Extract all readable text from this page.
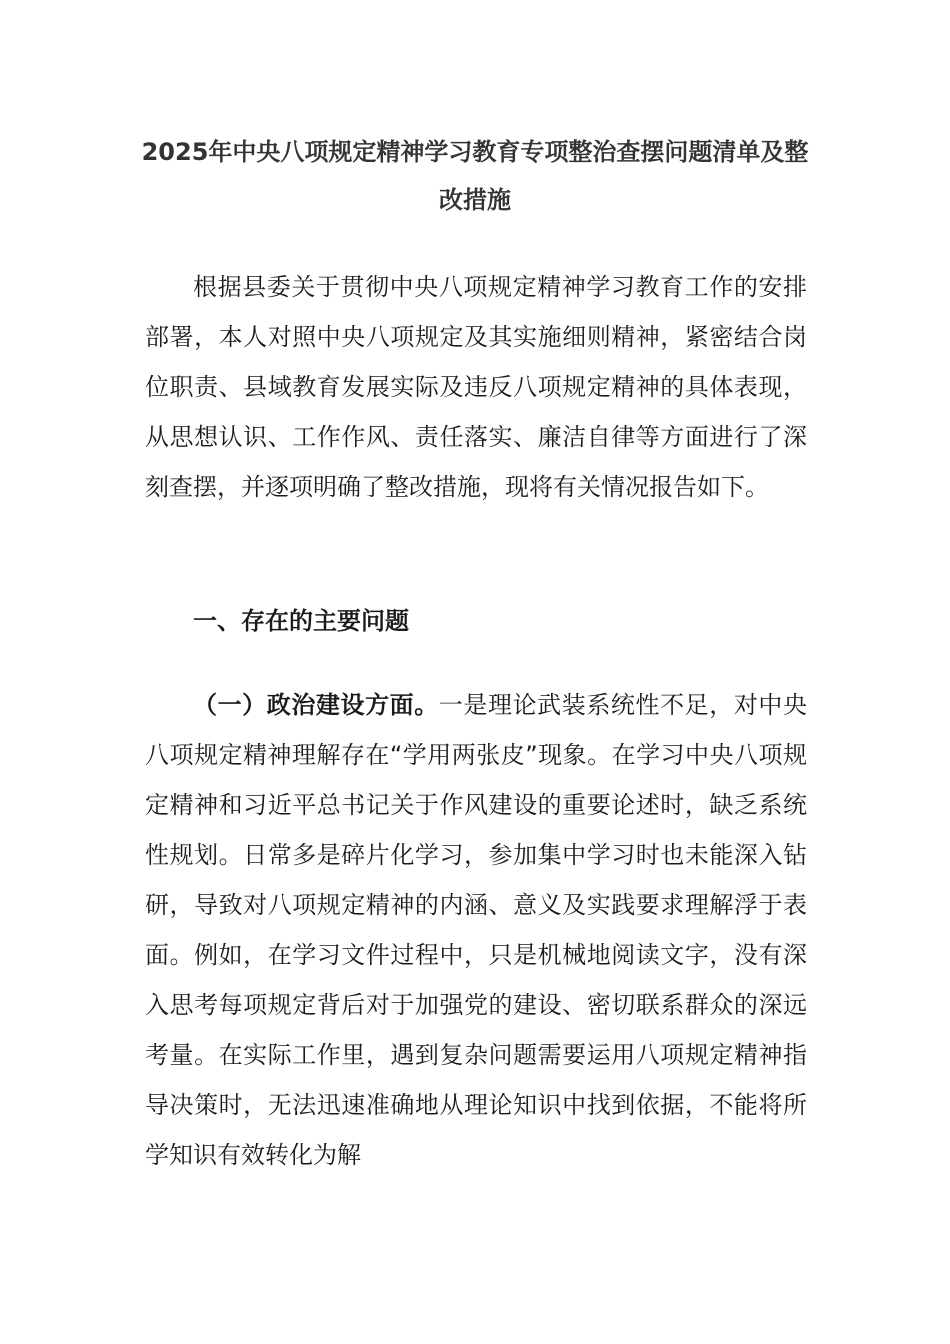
2025年中央八项规定精神学习教育专项整治查摆问题清单及整改措施
根据县委关于贯彻中央八项规定精神学习教育工作的安排部署，本人对照中央八项规定及其实施细则精神，紧密结合岗位职责、县域教育发展实际及违反八项规定精神的具体表现，从思想认识、工作作风、责任落实、廉洁自律等方面进行了深刻查摆，并逐项明确了整改措施，现将有关情况报告如下。
一、存在的主要问题
（一）政治建设方面。一是理论武装系统性不足，对中央八项规定精神理解存在“学用两张皮”现象。在学习中央八项规定精神和习近平总书记关于作风建设的重要论述时，缺乏系统性规划。日常多是碎片化学习，参加集中学习时也未能深入钻研，导致对八项规定精神的内涵、意义及实践要求理解浮于表面。例如，在学习文件过程中，只是机械地阅读文字，没有深入思考每项规定背后对于加强党的建设、密切联系群众的深远考量。在实际工作里，遇到复杂问题需要运用八项规定精神指导决策时，无法迅速准确地从理论知识中找到依据，不能将所学知识有效转化为解
